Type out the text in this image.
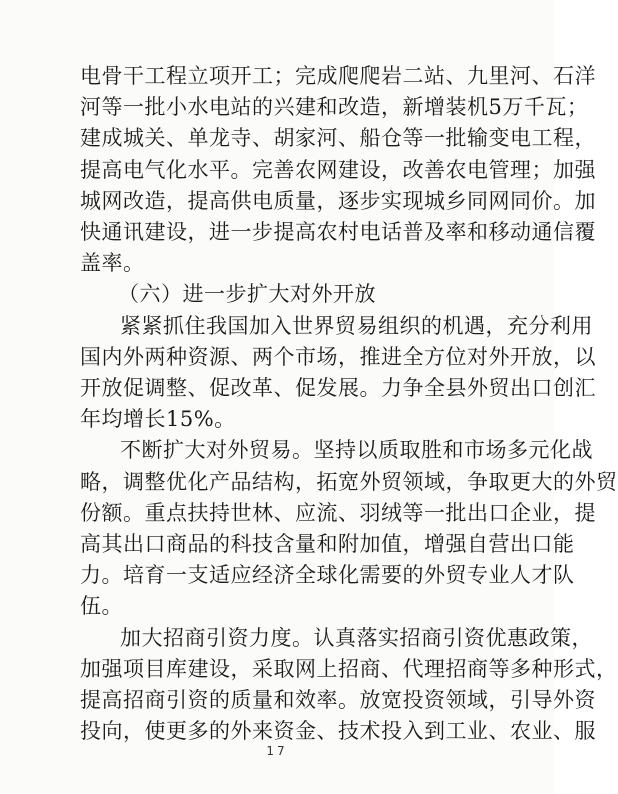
电骨干工程立项开工；完成爬爬岩二站、九里河、石洋
河等一批小水电站的兴建和改造，新增装机5万千瓦；
建成城关、单龙寺、胡家河、船仓等一批输变电工程，
提高电气化水平。完善农网建设，改善农电管理；加强
城网改造，提高供电质量，逐步实现城乡同网同价。加
快通讯建设，进一步提高农村电话普及率和移动通信覆
盖率。
（六）进一步扩大对外开放
紧紧抓住我国加入世界贸易组织的机遇，充分利用
国内外两种资源、两个市场，推进全方位对外开放，以
开放促调整、促改革、促发展。力争全县外贸出口创汇
年均增长15%。
不断扩大对外贸易。坚持以质取胜和市场多元化战
略，调整优化产品结构，拓宽外贸领域，争取更大的外贸
份额。重点扶持世林、应流、羽绒等一批出口企业，提
高其出口商品的科技含量和附加值，增强自营出口能
力。培育一支适应经济全球化需要的外贸专业人才队
伍。
加大招商引资力度。认真落实招商引资优惠政策，
17
加强项目库建设，采取网上招商、代理招商等多种形式，
提高招商引资的质量和效率。放宽投资领域，引导外资
投向，使更多的外来资金、技术投入到工业、农业、服
